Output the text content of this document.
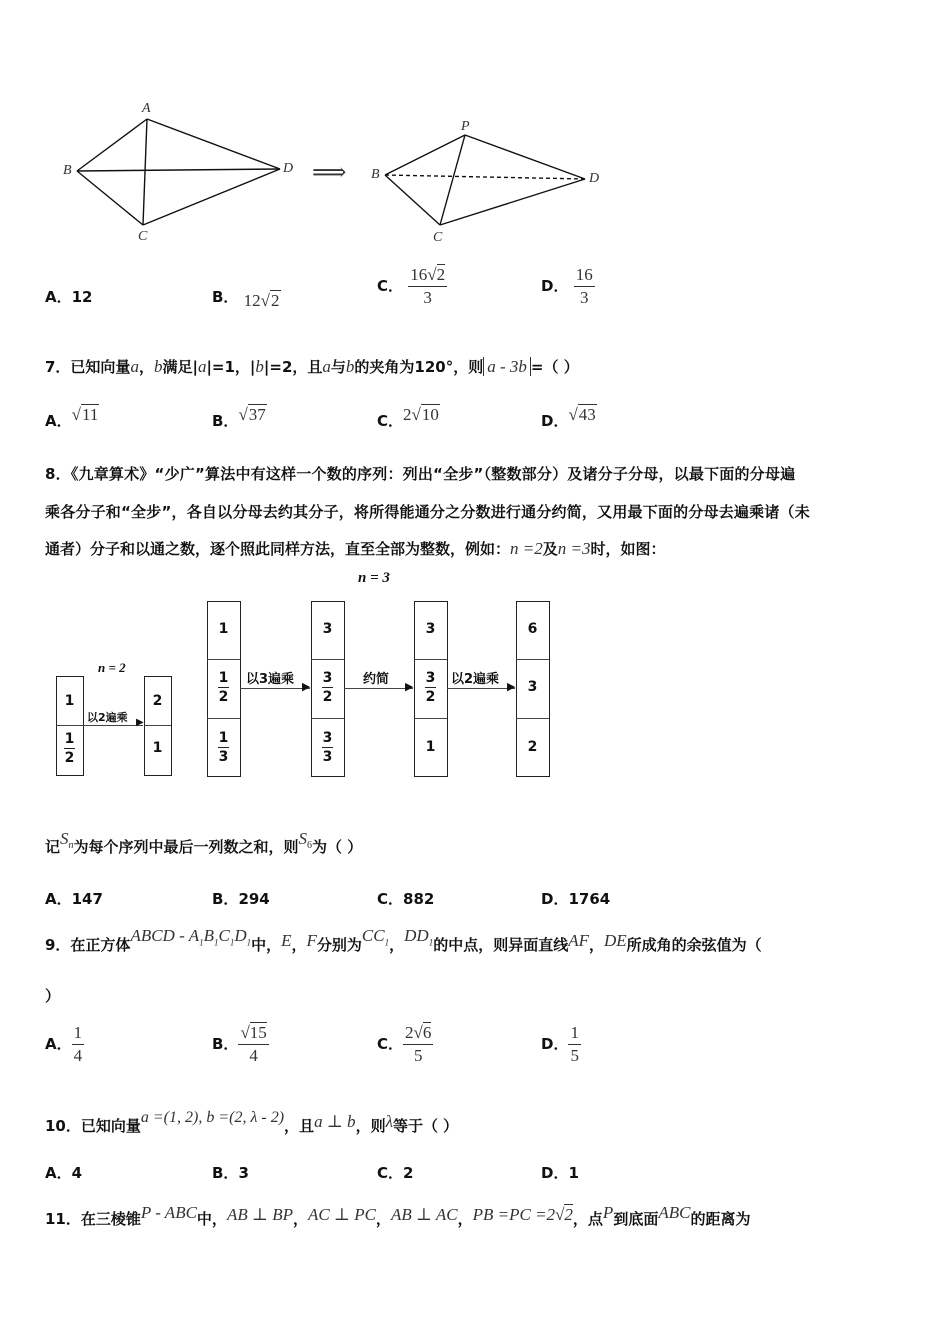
A
B
C
D ⟹
P
B
C
D
A．12	B． 12√2
C． $\frac{16√2}{3}$	D． $\frac{16}{3}$
7．已知向量a，b满足|a|=1，|b|=2，且a与b的夹角为120°，则 a - 3b =（ ）
A．√11	B．√37	C．2√10	D．√43
8．《九章算术》“少广”算法中有这样一个数的序列：列出“全步”（整数部分）及诸分子分母，以最下面的分母遍
乘各分子和“全步”，各自以分母去约其分子，将所得能通分之分数进行通分约简，又用最下面的分母去遍乘诸（未
通者）分子和以通之数，逐个照此同样方法，直至全部为整数，例如：n =2及n =3时，如图：
n = 3
n = 2
1
1
2
以2遍乘 ▶
2
1
1
1
2
1
3
以3遍乘 ▶
3
3
2
3
3
约简 ▶
3
3
2
1
以2遍乘 ▶
6
3
2
记$S_n$为每个序列中最后一列数之和，则$S_6$为（ ）
A．147	B．294	C．882	D．1764
9．在正方体ABCD - $A_1B_1C_1D_1$中，E，F分别为$CC_1$，$DD_1$的中点，则异面直线AF，DE所成角的余弦值为（
）
A． $\frac{1}{4}$	B． $\frac{√15}{4}$	C． $\frac{2√6}{5}$	D． $\frac{1}{5}$
10．已知向量a =(1, 2), b =(2, λ - 2)，且a ⊥ b，则λ等于（ ）
A．4	B．3	C．2	D．1
11．在三棱锥P - ABC中，AB ⊥ BP，AC ⊥ PC，AB ⊥ AC，PB =PC =2√2，点P到底面ABC的距离为
